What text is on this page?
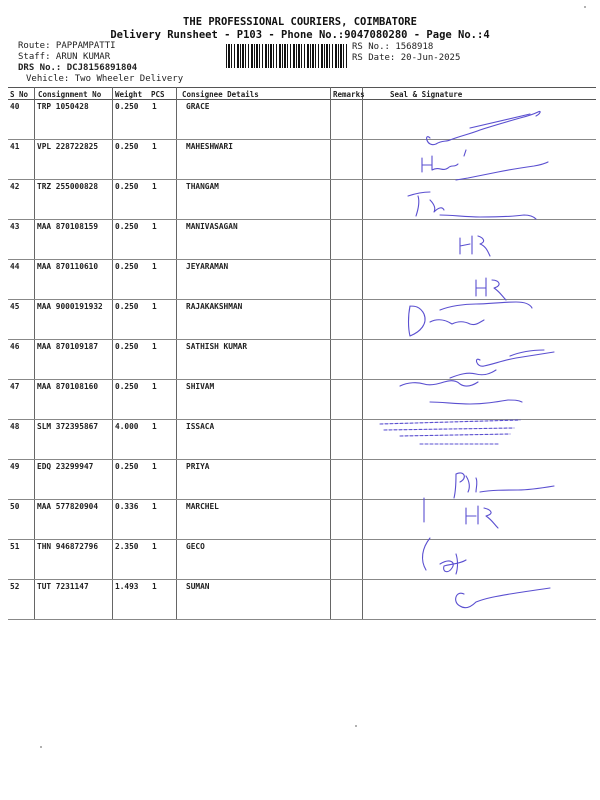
THE PROFESSIONAL COURIERS, COIMBATORE
Delivery Runsheet - P103 - Phone No.:9047080280 - Page No.:4
Route: PAPPAMPATTI
Staff: ARUN KUMAR
DRS No.: DCJ8156891804
Vehicle: Two Wheeler Delivery
RS No.: 1568918
RS Date: 20-Jun-2025
S No Consignment No Weight PCS Consignee Details	Remarks	Seal & Signature
40 TRP 1050428	0.250 1	GRACE
41 VPL 228722825 0.250 1	MAHESHWARI
42 TRZ 255000828 0.250 1	THANGAM
43 MAA 870108159 0.250 1	MANIVASAGAN
44 MAA 870110610 0.250 1	JEYARAMAN
45 MAA 9000191932 0.250 1	RAJAKAKSHMAN
46 MAA 870109187 0.250 1	SATHISH KUMAR
47 MAA 870108160 0.250 1	SHIVAM
48 SLM 372395867 4.000 1	ISSACA
49 EDQ 23299947	0.250 1	PRIYA
50 MAA 577820904 0.336 1	MARCHEL
51 THN 946872796 2.350 1	GECO
52 TUT 7231147	1.493 1	SUMAN
